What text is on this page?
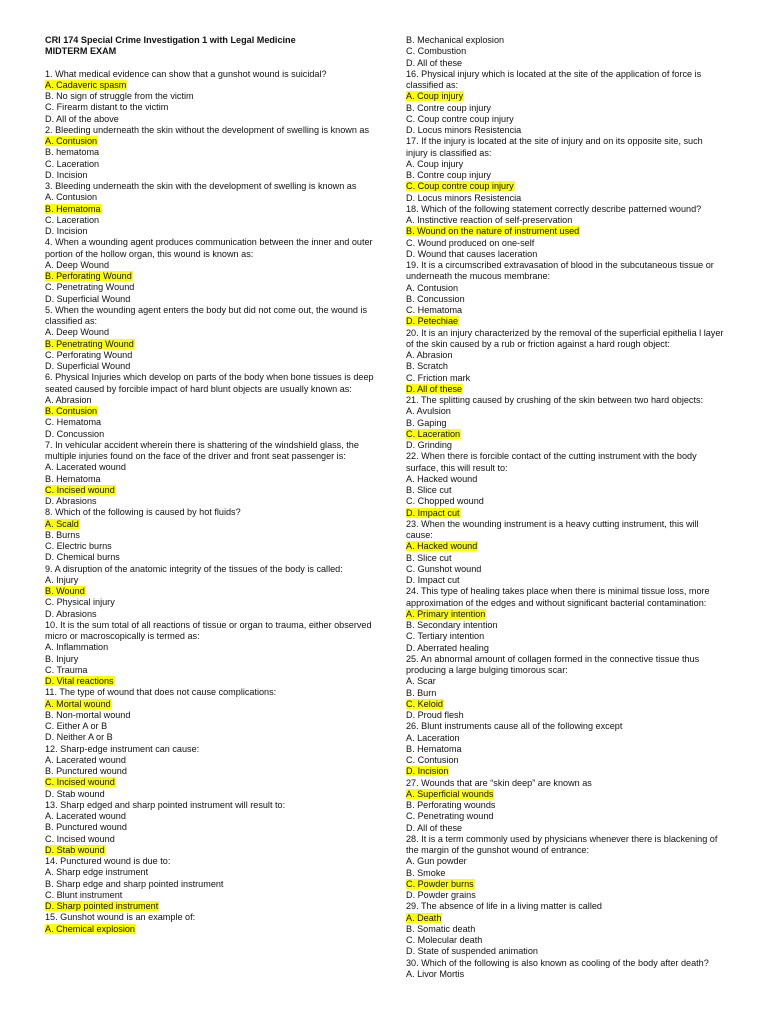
CRI 174 Special Crime Investigation 1 with Legal Medicine
MIDTERM EXAM
1. What medical evidence can show that a gunshot wound is suicidal?
A. Cadaveric spasm
B. No sign of struggle from the victim
C. Firearm distant to the victim
D. All of the above
2. Bleeding underneath the skin without the development of swelling is known as
A. Contusion
B. hematoma
C. Laceration
D. Incision
3. Bleeding underneath the skin with the development of swelling is known as
A. Contusion
B. Hematoma
C. Laceration
D. Incision
4. When a wounding agent produces communication between the inner and outer portion of the hollow organ, this wound is known as:
A. Deep Wound
B. Perforating Wound
C. Penetrating Wound
D. Superficial Wound
5. When the wounding agent enters the body but did not come out, the wound is classified as:
A. Deep Wound
B. Penetrating Wound
C. Perforating Wound
D. Superficial Wound
6. Physical Injuries which develop on parts of the body when bone tissues is deep seated caused by forcible impact of hard blunt objects are usually known as:
A. Abrasion
B. Contusion
C. Hematoma
D. Concussion
7. In vehicular accident wherein there is shattering of the windshield glass, the multiple injuries found on the face of the driver and front seat passenger is:
A. Lacerated wound
B. Hematoma
C. Incised wound
D. Abrasions
8. Which of the following is caused by hot fluids?
A. Scald
B. Burns
C. Electric burns
D. Chemical burns
9. A disruption of the anatomic integrity of the tissues of the body is called:
A. Injury
B. Wound
C. Physical injury
D. Abrasions
10. It is the sum total of all reactions of tissue or organ to trauma, either observed micro or macroscopically is termed as:
A. Inflammation
B. Injury
C. Trauma
D. Vital reactions
11. The type of wound that does not cause complications:
A. Mortal wound
B. Non-mortal wound
C. Either A or B
D. Neither A or B
12. Sharp-edge instrument can cause:
A. Lacerated wound
B. Punctured wound
C. Incised wound
D. Stab wound
13. Sharp edged and sharp pointed instrument will result to:
A. Lacerated wound
B. Punctured wound
C. Incised wound
D. Stab wound
14. Punctured wound is due to:
A. Sharp edge instrument
B. Sharp edge and sharp pointed instrument
C. Blunt instrument
D. Sharp pointed instrument
15. Gunshot wound is an example of:
A. Chemical explosion
B. Mechanical explosion
C. Combustion
D. All of these
16. Physical injury which is located at the site of the application of force is classified as:
A. Coup injury
B. Contre coup injury
C. Coup contre coup injury
D. Locus minors Resistencia
17. If the injury is located at the site of injury and on its opposite site, such injury is classified as:
A. Coup injury
B. Contre coup injury
C. Coup contre coup injury
D. Locus minors Resistencia
18. Which of the following statement correctly describe patterned wound?
A. Instinctive reaction of self-preservation
B. Wound on the nature of instrument used
C. Wound produced on one-self
D. Wound that causes laceration
19. It is a circumscribed extravasation of blood in the subcutaneous tissue or underneath the mucous membrane:
A. Contusion
B. Concussion
C. Hematoma
D. Petechiae
20. It is an injury characterized by the removal of the superficial epithelia l layer of the skin caused by a rub or friction against a hard rough object:
A. Abrasion
B. Scratch
C. Friction mark
D. All of these
21. The splitting caused by crushing of the skin between two hard objects:
A. Avulsion
B. Gaping
C. Laceration
D. Grinding
22. When there is forcible contact of the cutting instrument with the body surface, this will result to:
A. Hacked wound
B. Slice cut
C. Chopped wound
D. Impact cut
23. When the wounding instrument is a heavy cutting instrument, this will cause:
A. Hacked wound
B. Slice cut
C. Gunshot wound
D. Impact cut
24. This type of healing takes place when there is minimal tissue loss, more approximation of the edges and without significant bacterial contamination:
A. Primary intention
B. Secondary intention
C. Tertiary intention
D. Aberrated healing
25. An abnormal amount of collagen formed in the connective tissue thus producing a large bulging timorous scar:
A. Scar
B. Burn
C. Keloid
D. Proud flesh
26. Blunt instruments cause all of the following except
A. Laceration
B. Hematoma
C. Contusion
D. Incision
27. Wounds that are “skin deep” are known as
A. Superficial wounds
B. Perforating wounds
C. Penetrating wound
D. All of these
28. It is a term commonly used by physicians whenever there is blackening of the margin of the gunshot wound of entrance:
A. Gun powder
B. Smoke
C. Powder burns
D. Powder grains
29. The absence of life in a living matter is called
A. Death
B. Somatic death
C. Molecular death
D. State of suspended animation
30. Which of the following is also known as cooling of the body after death?
A. Livor Mortis
